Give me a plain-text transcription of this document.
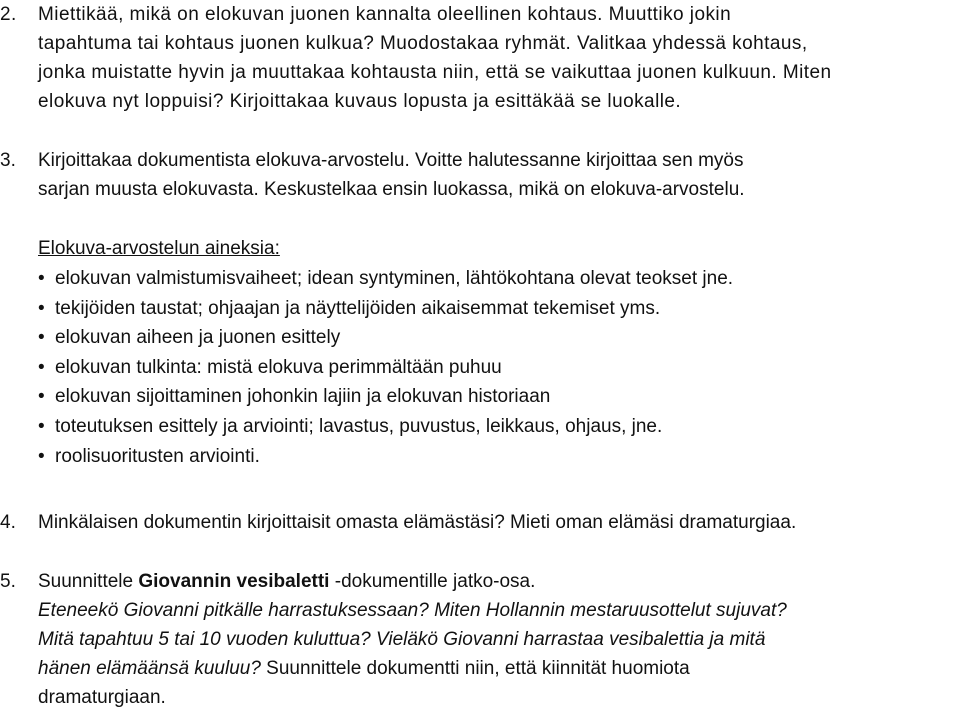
2. Miettikää, mikä on elokuvan juonen kannalta oleellinen kohtaus. Muuttiko jokin
tapahtuma tai kohtaus juonen kulkua? Muodostakaa ryhmät. Valitkaa yhdessä kohtaus,
jonka muistatte hyvin ja muuttakaa kohtausta niin, että se vaikuttaa juonen kulkuun. Miten
elokuva nyt loppuisi? Kirjoittakaa kuvaus lopusta ja esittäkää se luokalle.
3. Kirjoittakaa dokumentista elokuva-arvostelu. Voitte halutessanne kirjoittaa sen myös
sarjan muusta elokuvasta. Keskustelkaa ensin luokassa, mikä on elokuva-arvostelu.
Elokuva-arvostelun aineksia:
• elokuvan valmistumisvaiheet; idean syntyminen, lähtökohtana olevat teokset jne.
• tekijöiden taustat; ohjaajan ja näyttelijöiden aikaisemmat tekemiset yms.
• elokuvan aiheen ja juonen esittely
• elokuvan tulkinta: mistä elokuva perimmältään puhuu
• elokuvan sijoittaminen johonkin lajiin ja elokuvan historiaan
• toteutuksen esittely ja arviointi; lavastus, puvustus, leikkaus, ohjaus, jne.
• roolisuoritusten arviointi.
4. Minkälaisen dokumentin kirjoittaisit omasta elämästäsi? Mieti oman elämäsi dramaturgiaa.
5. Suunnittele Giovannin vesibaletti -dokumentille jatko-osa.
Eteneekö Giovanni pitkälle harrastuksessaan? Miten Hollannin mestaruusottelut sujuvat?
Mitä tapahtuu 5 tai 10 vuoden kuluttua? Vieläkö Giovanni harrastaa vesibalettia ja mitä
hänen elämäänsä kuuluu? Suunnittele dokumentti niin, että kiinnität huomiota
dramaturgiaan.
